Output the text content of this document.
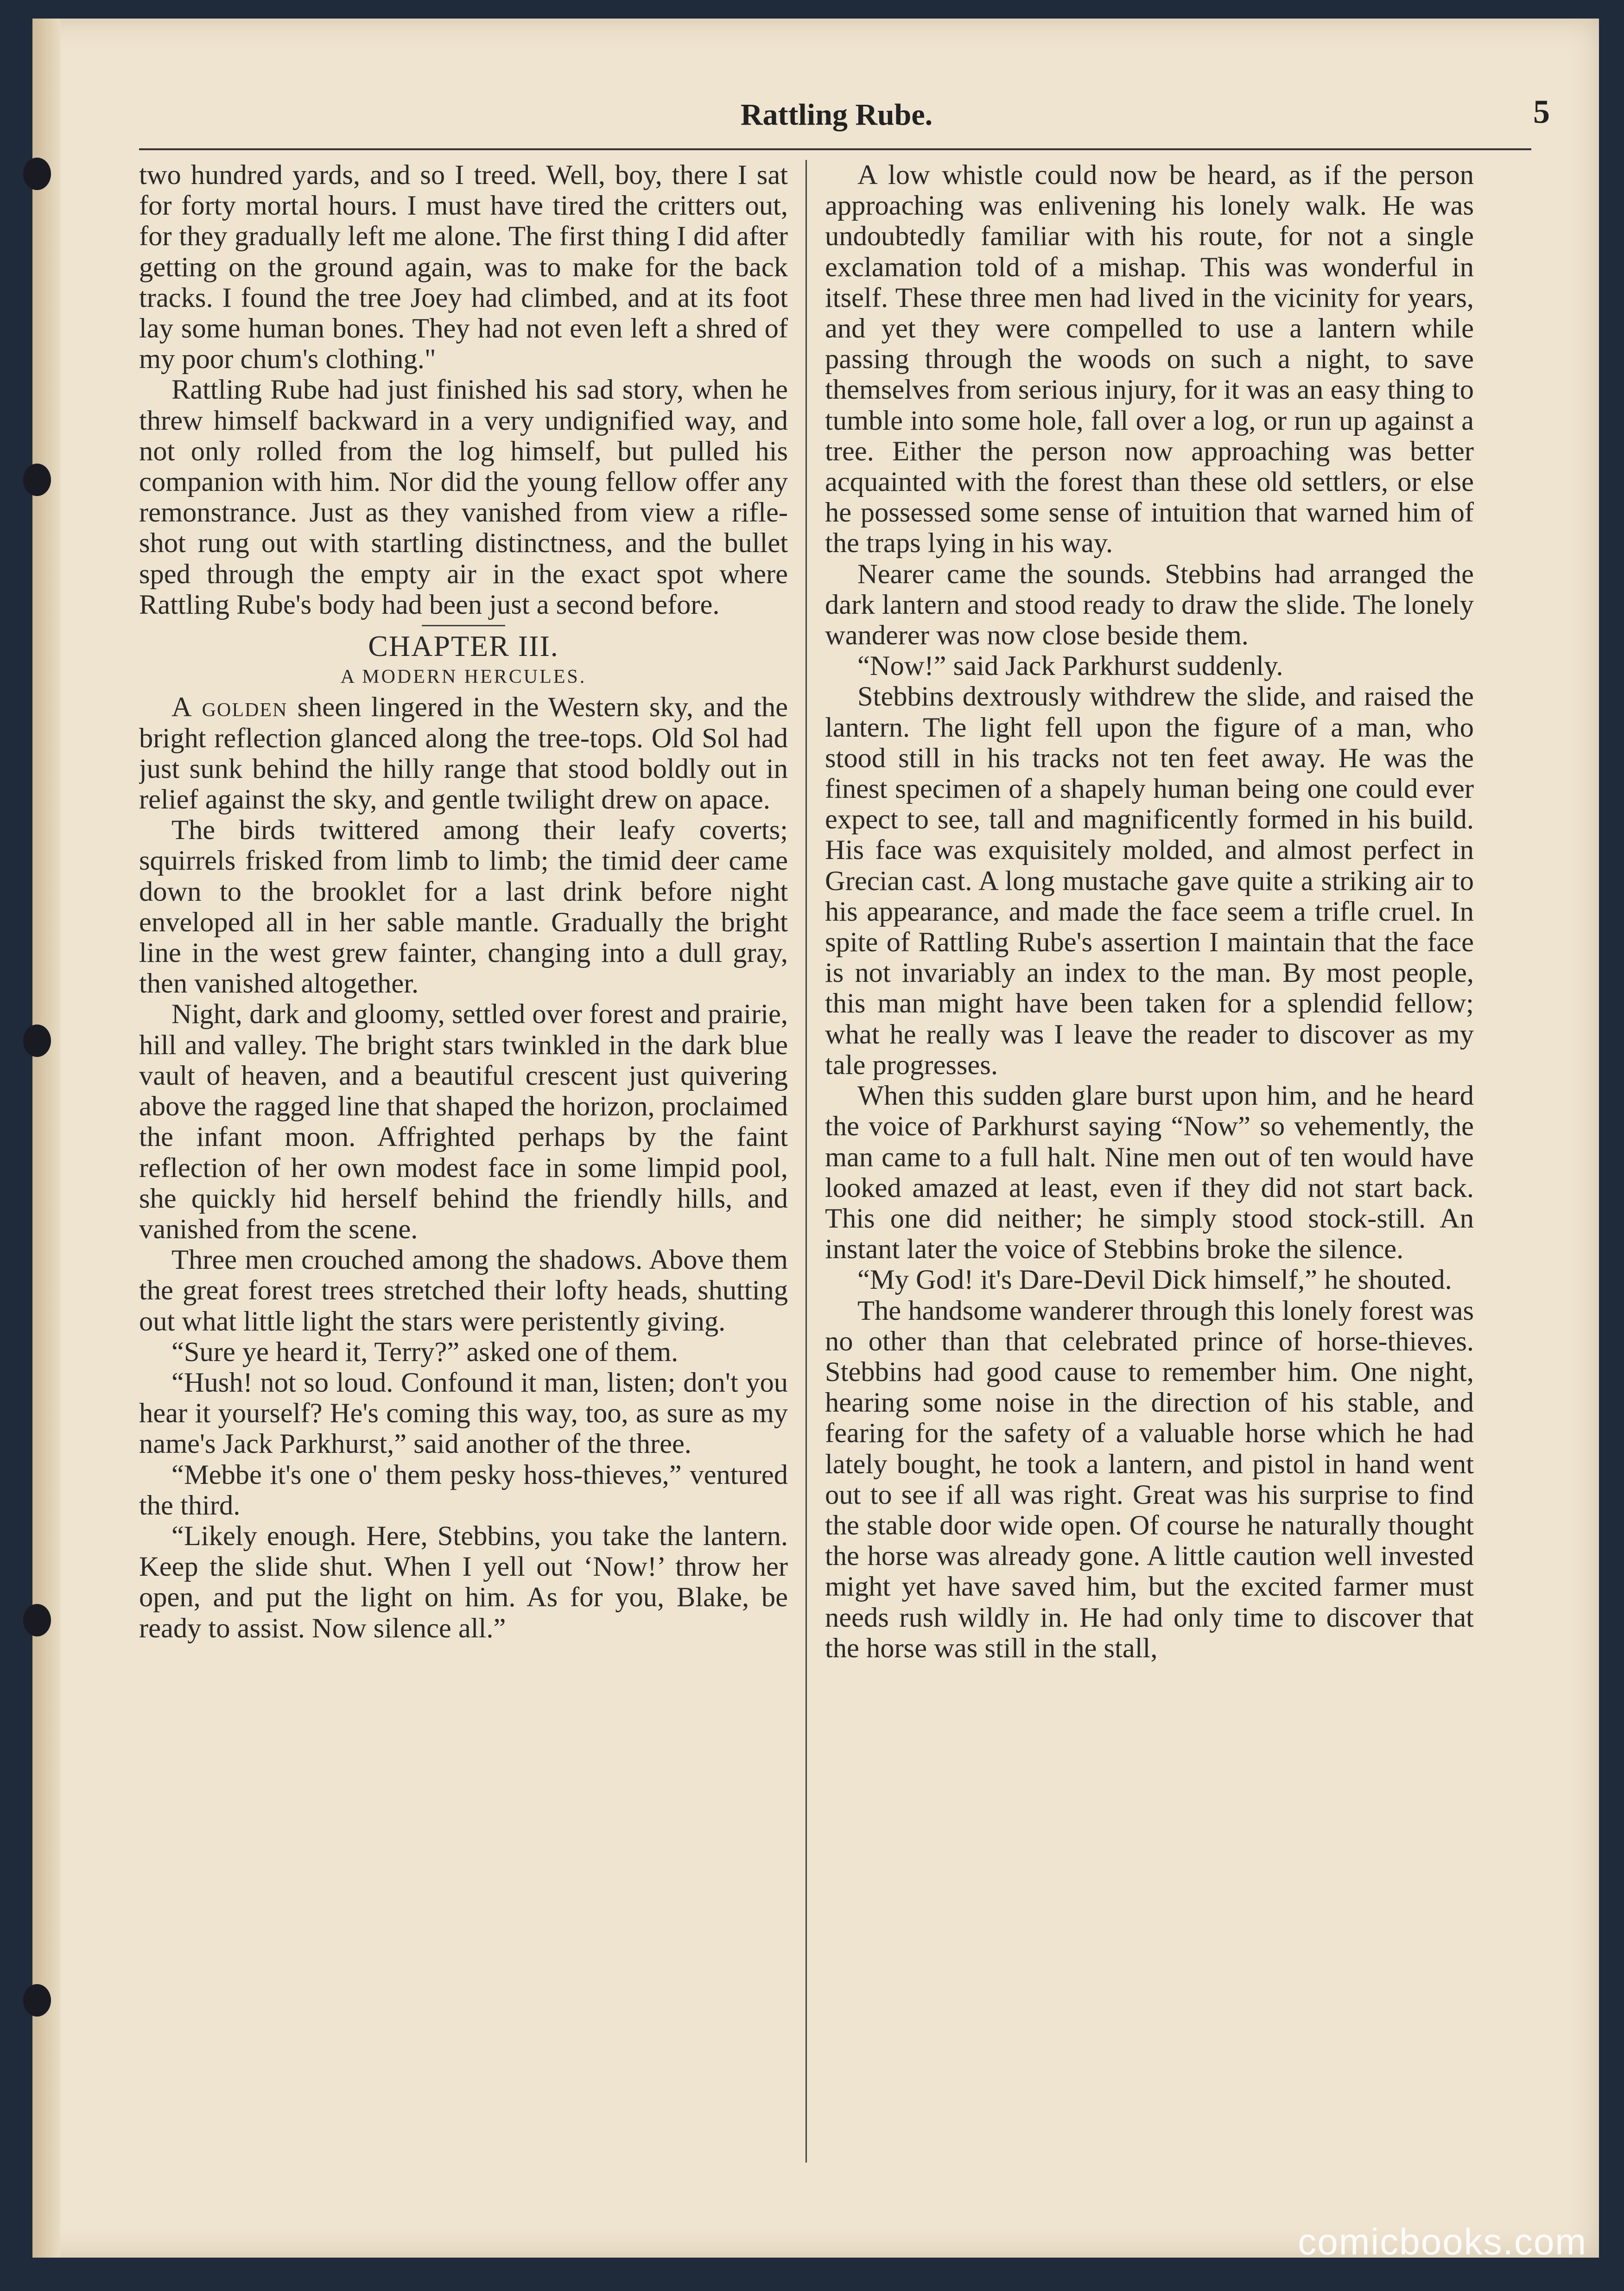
Rattling Rube.	5

two hundred yards, and so I treed. Well, boy, there I sat for forty mortal hours. I must have tired the critters out, for they gradually left me alone. The first thing I did after getting on the ground again, was to make for the back tracks. I found the tree Joey had climbed, and at its foot lay some human bones. They had not even left a shred of my poor chum's clothing."

Rattling Rube had just finished his sad story, when he threw himself backward in a very undignified way, and not only rolled from the log himself, but pulled his companion with him. Nor did the young fellow offer any remonstrance. Just as they vanished from view a rifle-shot rung out with startling distinctness, and the bullet sped through the empty air in the exact spot where Rattling Rube's body had been just a second before.

CHAPTER III.

A MODERN HERCULES.

A golden sheen lingered in the Western sky, and the bright reflection glanced along the tree-tops. Old Sol had just sunk behind the hilly range that stood boldly out in relief against the sky, and gentle twilight drew on apace.

The birds twittered among their leafy coverts; squirrels frisked from limb to limb; the timid deer came down to the brooklet for a last drink before night enveloped all in her sable mantle. Gradually the bright line in the west grew fainter, changing into a dull gray, then vanished altogether.

Night, dark and gloomy, settled over forest and prairie, hill and valley. The bright stars twinkled in the dark blue vault of heaven, and a beautiful crescent just quivering above the ragged line that shaped the horizon, proclaimed the infant moon. Affrighted perhaps by the faint reflection of her own modest face in some limpid pool, she quickly hid herself behind the friendly hills, and vanished from the scene.

Three men crouched among the shadows. Above them the great forest trees stretched their lofty heads, shutting out what little light the stars were peristently giving.

“Sure ye heard it, Terry?” asked one of them.

“Hush! not so loud. Confound it man, listen; don't you hear it yourself? He's coming this way, too, as sure as my name's Jack Parkhurst,” said another of the three.

“Mebbe it's one o' them pesky hoss-thieves,” ventured the third.

“Likely enough. Here, Stebbins, you take the lantern. Keep the slide shut. When I yell out ‘Now!’ throw her open, and put the light on him. As for you, Blake, be ready to assist. Now silence all.”

A low whistle could now be heard, as if the person approaching was enlivening his lonely walk. He was undoubtedly familiar with his route, for not a single exclamation told of a mishap. This was wonderful in itself. These three men had lived in the vicinity for years, and yet they were compelled to use a lantern while passing through the woods on such a night, to save themselves from serious injury, for it was an easy thing to tumble into some hole, fall over a log, or run up against a tree. Either the person now approaching was better acquainted with the forest than these old settlers, or else he possessed some sense of intuition that warned him of the traps lying in his way.

Nearer came the sounds. Stebbins had arranged the dark lantern and stood ready to draw the slide. The lonely wanderer was now close beside them.

“Now!” said Jack Parkhurst suddenly.

Stebbins dextrously withdrew the slide, and raised the lantern. The light fell upon the figure of a man, who stood still in his tracks not ten feet away. He was the finest specimen of a shapely human being one could ever expect to see, tall and magnificently formed in his build. His face was exquisitely molded, and almost perfect in Grecian cast. A long mustache gave quite a striking air to his appearance, and made the face seem a trifle cruel. In spite of Rattling Rube's assertion I maintain that the face is not invariably an index to the man. By most people, this man might have been taken for a splendid fellow; what he really was I leave the reader to discover as my tale progresses.

When this sudden glare burst upon him, and he heard the voice of Parkhurst saying “Now” so vehemently, the man came to a full halt. Nine men out of ten would have looked amazed at least, even if they did not start back. This one did neither; he simply stood stock-still. An instant later the voice of Stebbins broke the silence.

“My God! it's Dare-Devil Dick himself,” he shouted.

The handsome wanderer through this lonely forest was no other than that celebrated prince of horse-thieves. Stebbins had good cause to remember him. One night, hearing some noise in the direction of his stable, and fearing for the safety of a valuable horse which he had lately bought, he took a lantern, and pistol in hand went out to see if all was right. Great was his surprise to find the stable door wide open. Of course he naturally thought the horse was already gone. A little caution well invested might yet have saved him, but the excited farmer must needs rush wildly in. He had only time to discover that the horse was still in the stall,

comicbooks.com
